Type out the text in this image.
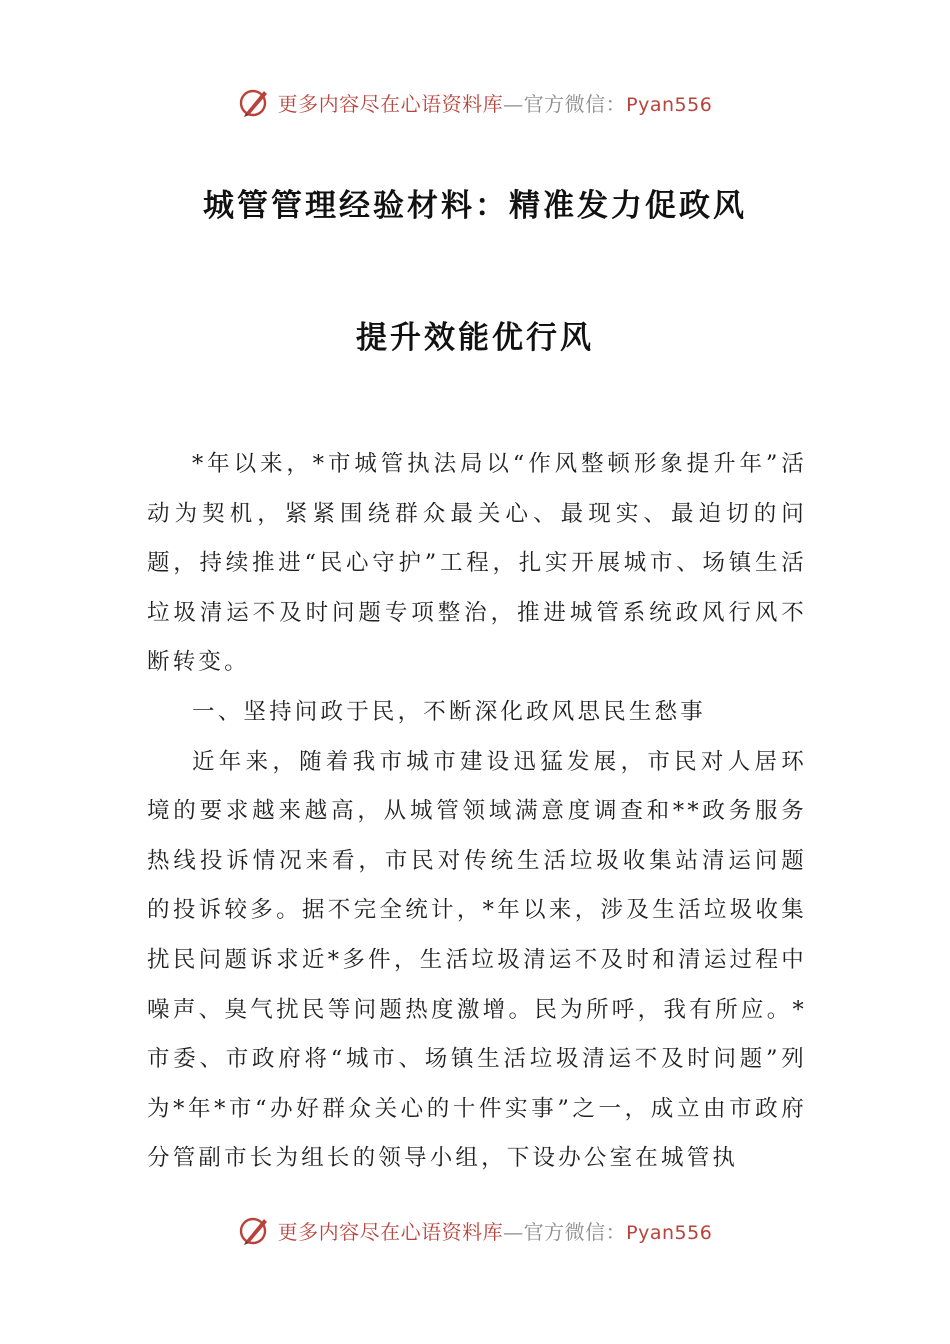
更多内容尽在心语资料库—官方微信：Pyan556
城管管理经验材料：精准发力促政风
提升效能优行风

*年以来，*市城管执法局以“作风整顿形象提升年”活动为契机，紧紧围绕群众最关心、最现实、最迫切的问题，持续推进“民心守护”工程，扎实开展城市、场镇生活垃圾清运不及时问题专项整治，推进城管系统政风行风不断转变。

一、坚持问政于民，不断深化政风思民生愁事

近年来，随着我市城市建设迅猛发展，市民对人居环境的要求越来越高，从城管领域满意度调查和**政务服务热线投诉情况来看，市民对传统生活垃圾收集站清运问题的投诉较多。据不完全统计，*年以来，涉及生活垃圾收集扰民问题诉求近*多件，生活垃圾清运不及时和清运过程中噪声、臭气扰民等问题热度激增。民为所呼，我有所应。*市委、市政府将“城市、场镇生活垃圾清运不及时问题”列为*年*市“办好群众关心的十件实事”之一，成立由市政府分管副市长为组长的领导小组，下设办公室在城管执

更多内容尽在心语资料库—官方微信：Pyan556
